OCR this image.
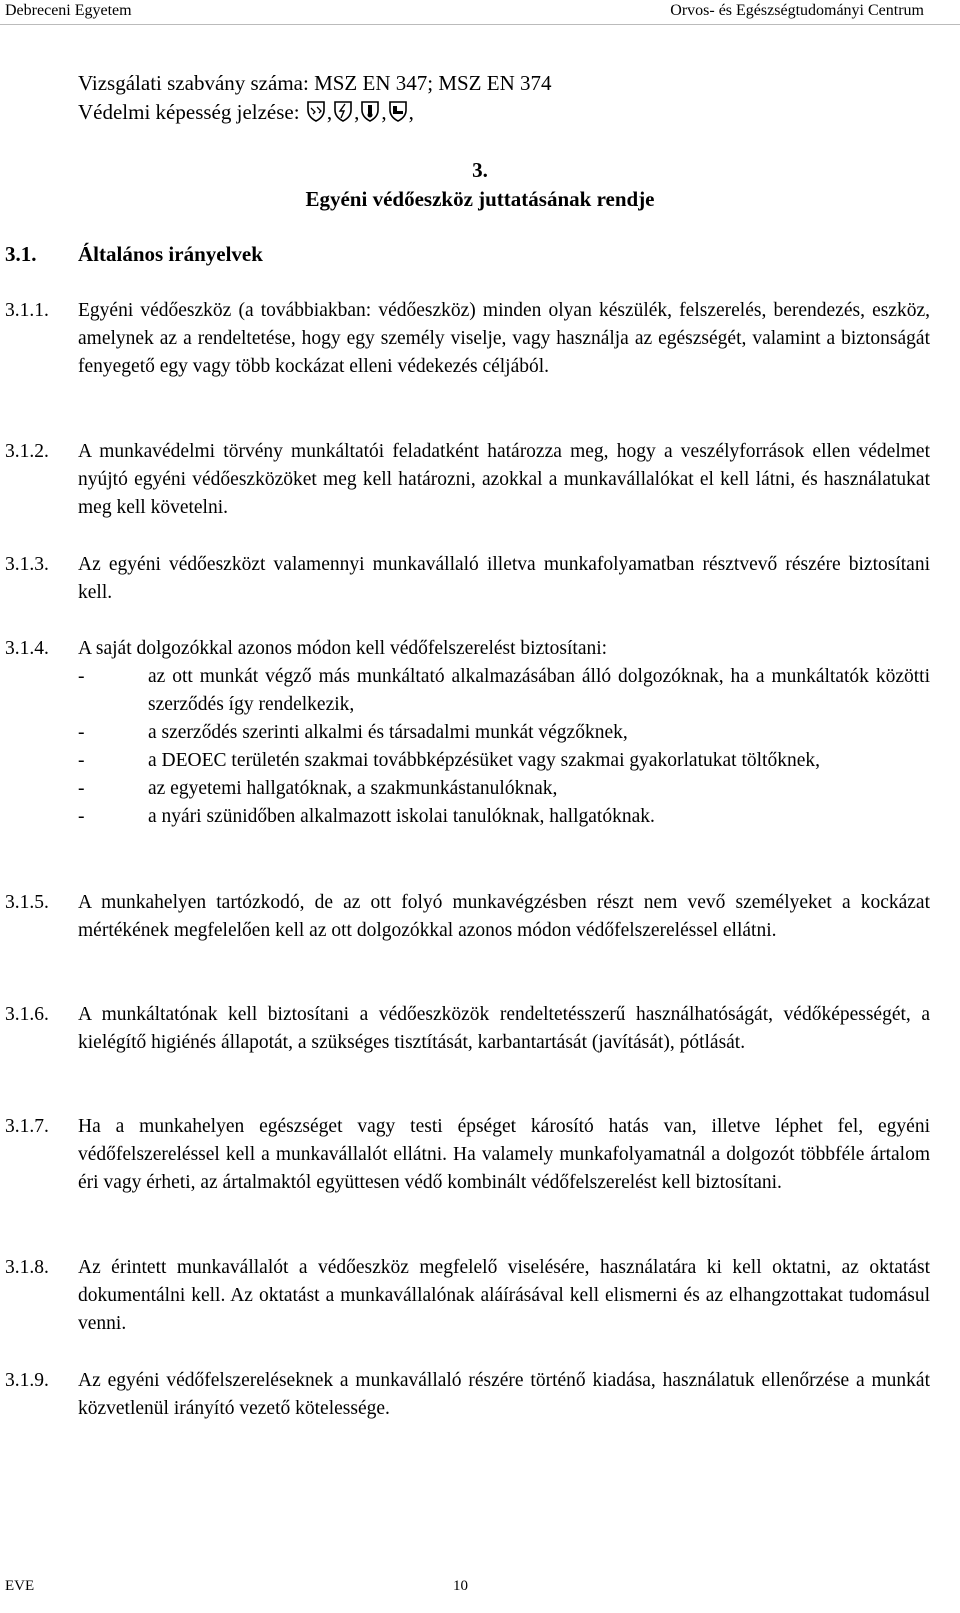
Debreceni Egyetem	Orvos- és Egészségtudományi Centrum
Vizsgálati szabvány száma: MSZ EN 347; MSZ EN 374
Védelmi képesség jelzése: , , , ,
3.
Egyéni védőeszköz juttatásának rendje
3.1. Általános irányelvek
3.1.1. Egyéni védőeszköz (a továbbiakban: védőeszköz) minden olyan készülék, felszerelés, berendezés, eszköz, amelynek az a rendeltetése, hogy egy személy viselje, vagy használja az egészségét, valamint a biztonságát fenyegető egy vagy több kockázat elleni védekezés céljából.
3.1.2. A munkavédelmi törvény munkáltatói feladatként határozza meg, hogy a veszélyforrások ellen védelmet nyújtó egyéni védőeszközöket meg kell határozni, azokkal a munkavállalókat el kell látni, és használatukat meg kell követelni.
3.1.3. Az egyéni védőeszközt valamennyi munkavállaló illetva munkafolyamatban résztvevő részére biztosítani kell.
3.1.4. A saját dolgozókkal azonos módon kell védőfelszerelést biztosítani:
-	az ott munkát végző más munkáltató alkalmazásában álló dolgozóknak, ha a munkáltatók közötti szerződés így rendelkezik,
-	a szerződés szerinti alkalmi és társadalmi munkát végzőknek,
-	a DEOEC területén szakmai továbbképzésüket vagy szakmai gyakorlatukat töltőknek,
-	az egyetemi hallgatóknak, a szakmunkástanulóknak,
-	a nyári szünidőben alkalmazott iskolai tanulóknak, hallgatóknak.
3.1.5. A munkahelyen tartózkodó, de az ott folyó munkavégzésben részt nem vevő személyeket a kockázat mértékének megfelelően kell az ott dolgozókkal azonos módon védőfelszereléssel ellátni.
3.1.6. A munkáltatónak kell biztosítani a védőeszközök rendeltetésszerű használhatóságát, védőképességét, a kielégítő higiénés állapotát, a szükséges tisztítását, karbantartását (javítását), pótlását.
3.1.7. Ha a munkahelyen egészséget vagy testi épséget károsító hatás van, illetve léphet fel, egyéni védőfelszereléssel kell a munkavállalót ellátni. Ha valamely munkafolyamatnál a dolgozót többféle ártalom éri vagy érheti, az ártalmaktól együttesen védő kombinált védőfelszerelést kell biztosítani.
3.1.8. Az érintett munkavállalót a védőeszköz megfelelő viselésére, használatára ki kell oktatni, az oktatást dokumentálni kell. Az oktatást a munkavállalónak aláírásával kell elismerni és az elhangzottakat tudomásul venni.
3.1.9. Az egyéni védőfelszereléseknek a munkavállaló részére történő kiadása, használatuk ellenőrzése a munkát közvetlenül irányító vezető kötelessége.
EVE	10
